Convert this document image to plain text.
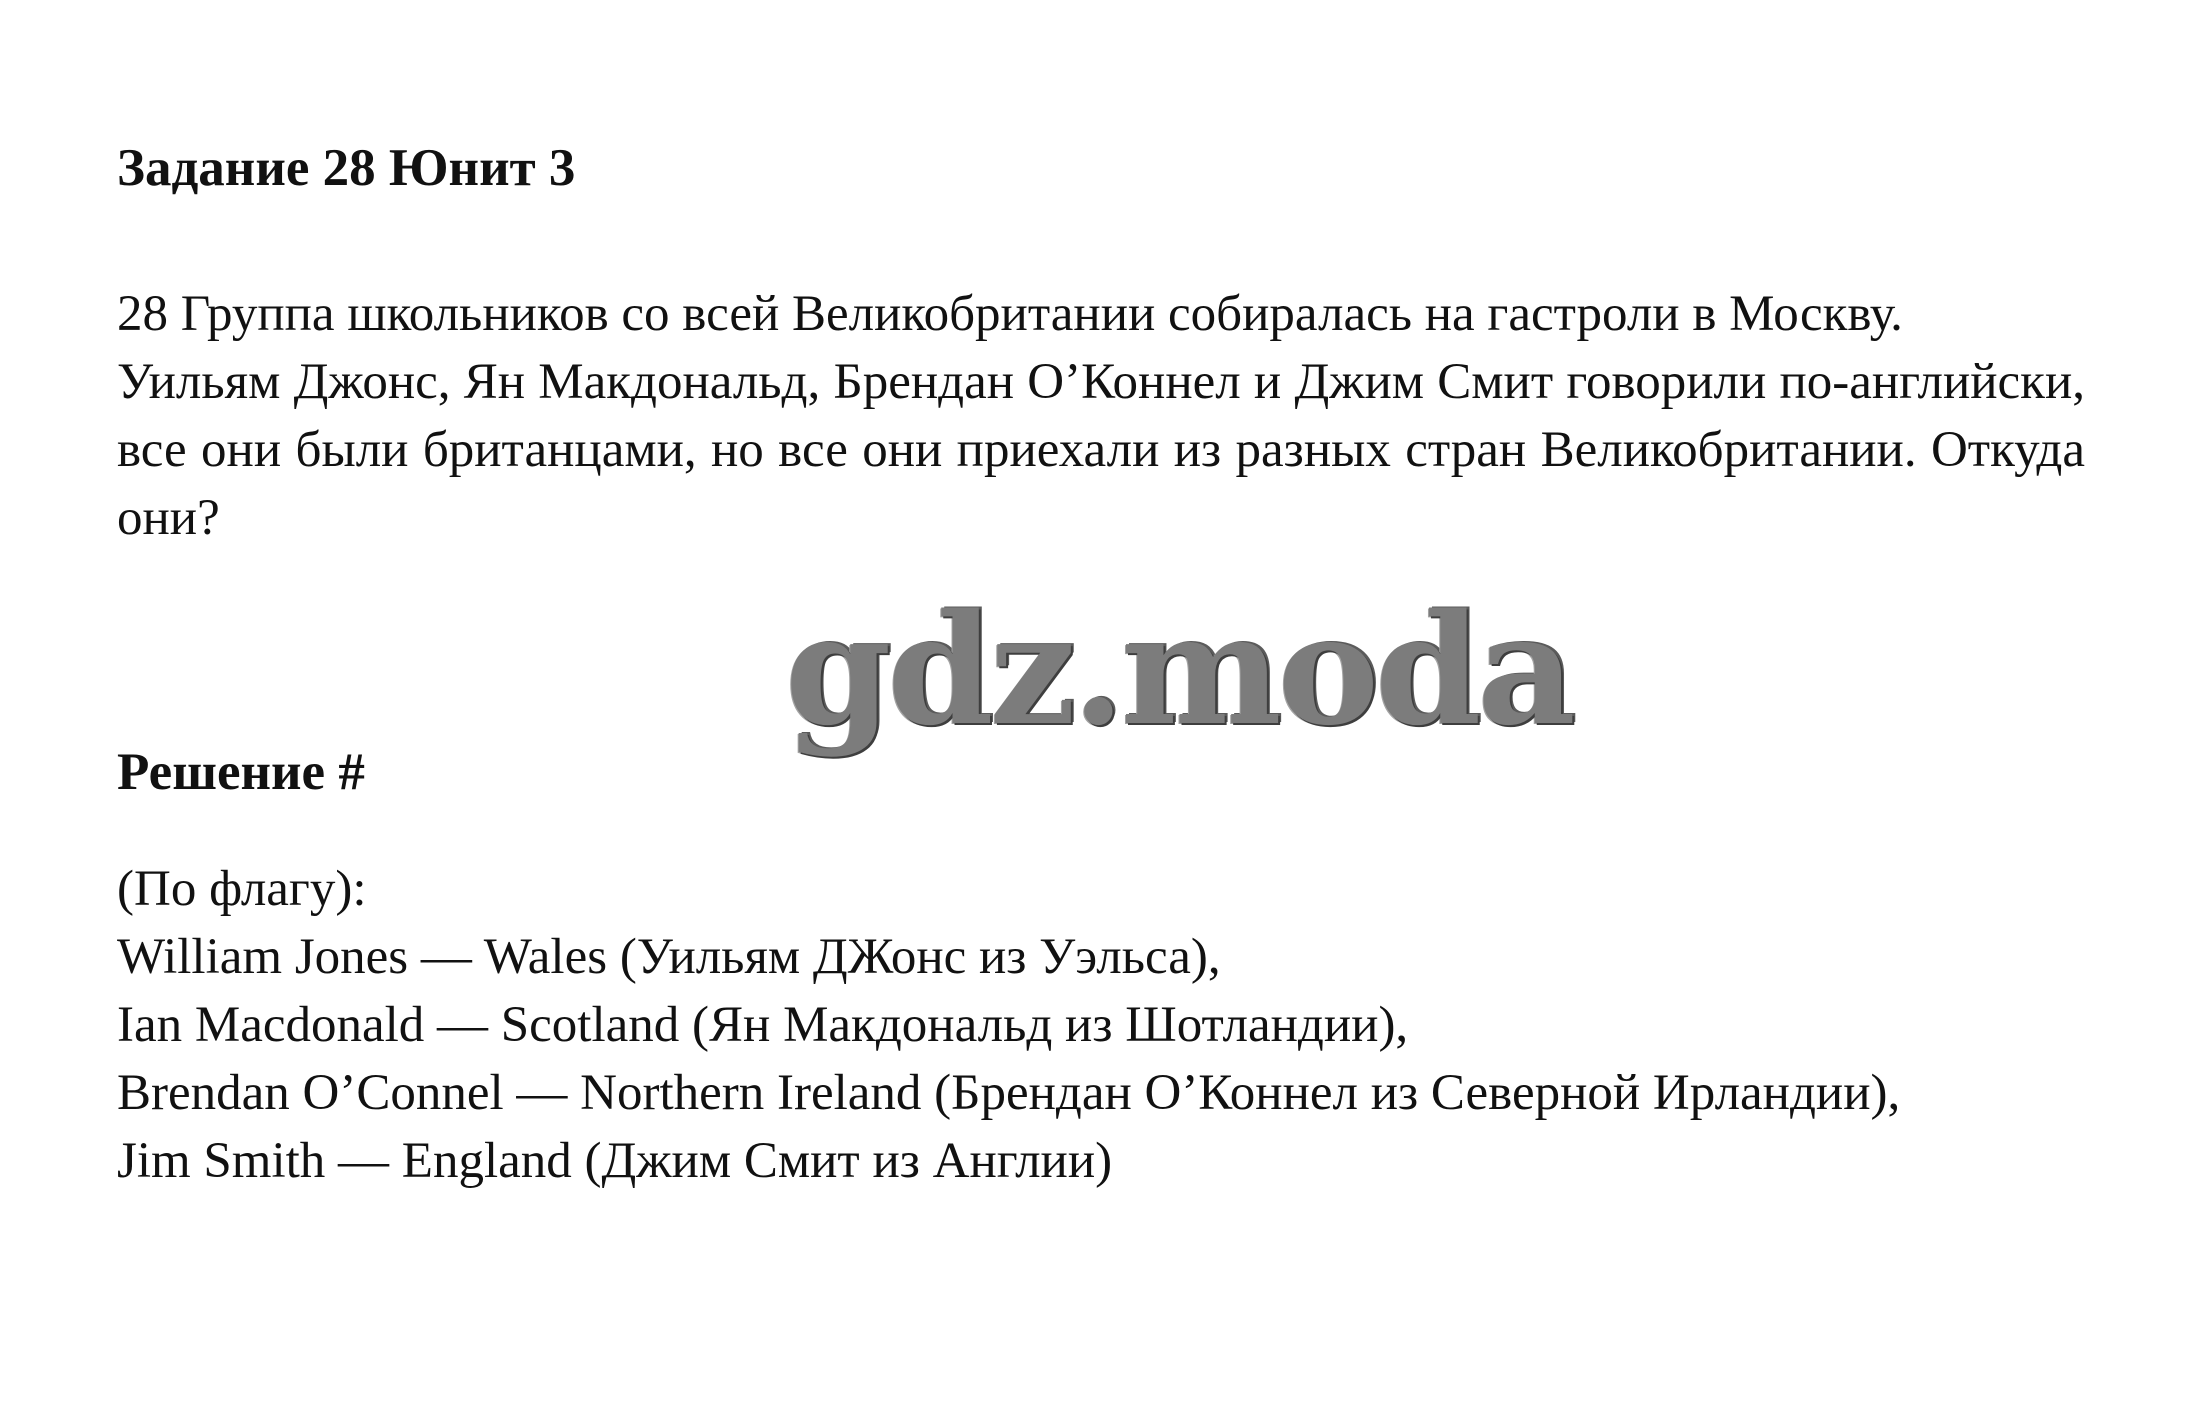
Задание 28 Юнит 3

28 Группа школьников со всей Великобритании собиралась на гастроли в Москву.

Уильям Джонс, Ян Макдональд, Брендан O’Коннел и Джим Смит говорили по-английски, все они были британцами, но все они приехали из разных стран Великобритании. Откуда они?

Решение #

(По флагу):

William Jones — Wales (Уильям ДЖонс из Уэльса),

Ian Macdonald — Scotland (Ян Макдональд из Шотландии),

Brendan O’Connel — Northern Ireland (Брендан O’Коннел из Северной Ирландии),

Jim Smith — England (Джим Смит из Англии)

gdz.moda
